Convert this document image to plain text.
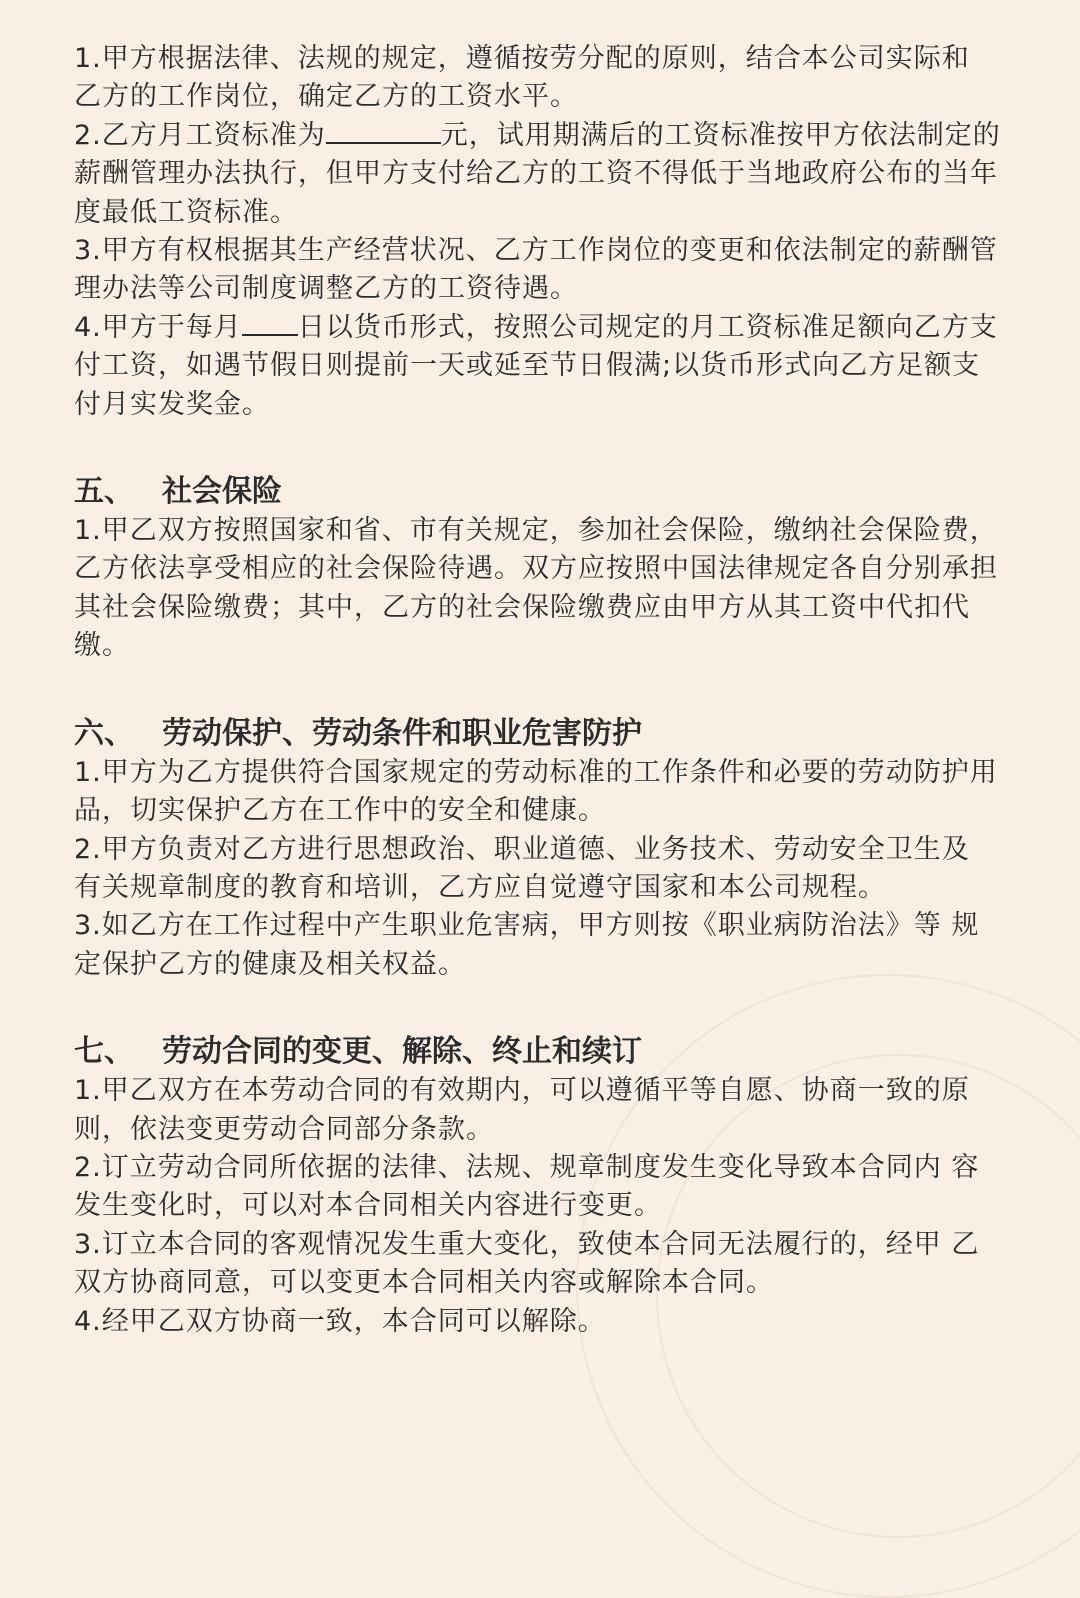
1.甲方根据法律、法规的规定，遵循按劳分配的原则，结合本公司实际和 乙方的工作岗位，确定乙方的工资水平。

2.乙方月工资标准为	元，试用期满后的工资标准按甲方依法制定的薪酬管理办法执行，但甲方支付给乙方的工资不得低于当地政府公布的当年度最低工资标准。

3.甲方有权根据其生产经营状况、乙方工作岗位的变更和依法制定的薪酬管理办法等公司制度调整乙方的工资待遇。

4.甲方于每月 日以货币形式，按照公司规定的月工资标准足额向乙方支付工资，如遇节假日则提前一天或延至节日假满;以货币形式向乙方足额支付月实发奖金。

五、 社会保险

1.甲乙双方按照国家和省、市有关规定，参加社会保险，缴纳社会保险费，乙方依法享受相应的社会保险待遇。双方应按照中国法律规定各自分别承担其社会保险缴费；其中，乙方的社会保险缴费应由甲方从其工资中代扣代缴。

六、 劳动保护、劳动条件和职业危害防护

1.甲方为乙方提供符合国家规定的劳动标准的工作条件和必要的劳动防护用品，切实保护乙方在工作中的安全和健康。

2.甲方负责对乙方进行思想政治、职业道德、业务技术、劳动安全卫生及 有关规章制度的教育和培训，乙方应自觉遵守国家和本公司规程。

3.如乙方在工作过程中产生职业危害病，甲方则按《职业病防治法》等 规定保护乙方的健康及相关权益。

七、 劳动合同的变更、解除、终止和续订

1.甲乙双方在本劳动合同的有效期内，可以遵循平等自愿、协商一致的原则，依法变更劳动合同部分条款。

2.订立劳动合同所依据的法律、法规、规章制度发生变化导致本合同内 容发生变化时，可以对本合同相关内容进行变更。

3.订立本合同的客观情况发生重大变化，致使本合同无法履行的，经甲 乙双方协商同意，可以变更本合同相关内容或解除本合同。

4.经甲乙双方协商一致，本合同可以解除。
